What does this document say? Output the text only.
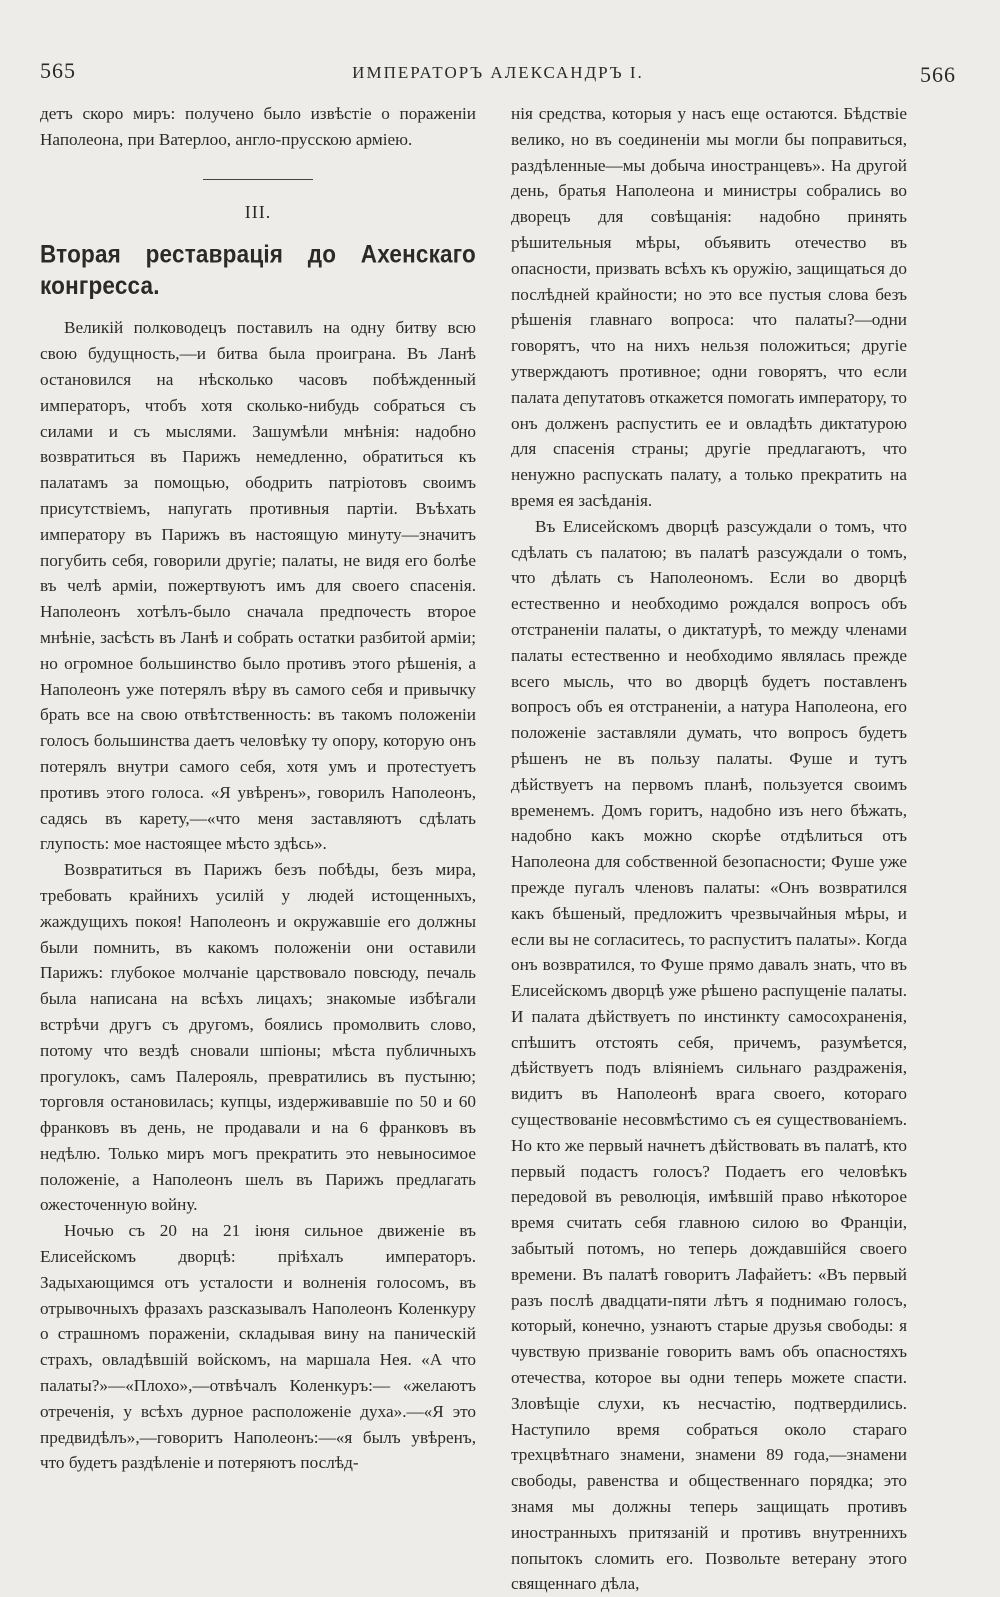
565	ИМПЕРАТОРЪ АЛЕКСАНДРЪ I.	566

детъ скоро миръ: получено было извѣстіе о пораженіи Наполеона, при Ватерлоо, англо-прусскою арміею.

III.
Вторая реставрація до Ахенскаго конгресса.

Великій полководецъ поставилъ на одну битву всю свою будущность,—и битва была проиграна. Въ Ланѣ остановился на нѣсколько часовъ побѣжденный императоръ, чтобъ хотя сколько-нибудь собраться съ силами и съ мыслями. Зашумѣли мнѣнія: надобно возвратиться въ Парижъ немедленно, обратиться къ палатамъ за помощью, ободрить патріотовъ своимъ присутствіемъ, напугать противныя партіи. Въѣхать императору въ Парижъ въ настоящую минуту—значитъ погубить себя, говорили другіе; палаты, не видя его болѣе въ челѣ арміи, пожертвуютъ имъ для своего спасенія. Наполеонъ хотѣлъ-было сначала предпочесть второе мнѣніе, засѣсть въ Ланѣ и собрать остатки разбитой арміи; но огромное большинство было противъ этого рѣшенія, а Наполеонъ уже потерялъ вѣру въ самого себя и привычку брать все на свою отвѣтственность: въ такомъ положеніи голосъ большинства даетъ человѣку ту опору, которую онъ потерялъ внутри самого себя, хотя умъ и протестуетъ противъ этого голоса. «Я увѣренъ», говорилъ Наполеонъ, садясь въ карету,—«что меня заставляютъ сдѣлать глупость: мое настоящее мѣсто здѣсь».

Возвратиться въ Парижъ безъ побѣды, безъ мира, требовать крайнихъ усилій у людей истощенныхъ, жаждущихъ покоя! Наполеонъ и окружавшіе его должны были помнить, въ какомъ положеніи они оставили Парижъ: глубокое молчаніе царствовало повсюду, печаль была написана на всѣхъ лицахъ; знакомые избѣгали встрѣчи другъ съ другомъ, боялись промолвить слово, потому что вездѣ сновали шпіоны; мѣста публичныхъ прогулокъ, самъ Палерояль, превратились въ пустыню; торговля остановилась; купцы, издерживавшіе по 50 и 60 франковъ въ день, не продавали и на 6 франковъ въ недѣлю. Только миръ могъ прекратить это невыносимое положеніе, а Наполеонъ шелъ въ Парижъ предлагать ожесточенную войну.

Ночью съ 20 на 21 іюня сильное движеніе въ Елисейскомъ дворцѣ: пріѣхалъ императоръ. Задыхающимся отъ усталости и волненія голосомъ, въ отрывочныхъ фразахъ разсказывалъ Наполеонъ Коленкуру о страшномъ пораженіи, складывая вину на паническій страхъ, овладѣвшій войскомъ, на маршала Нея. «А что палаты?»—«Плохо»,—отвѣчалъ Коленкуръ:— «желаютъ отреченія, у всѣхъ дурное расположеніе духа».—«Я это предвидѣлъ»,—говоритъ Наполеонъ:—«я былъ увѣренъ, что будетъ раздѣленіе и потеряютъ послѣд-

нія средства, которыя у насъ еще остаются. Бѣдствіе велико, но въ соединеніи мы могли бы поправиться, раздѣленные—мы добыча иностранцевъ». На другой день, братья Наполеона и министры собрались во дворецъ для совѣщанія: надобно принять рѣшительныя мѣры, объявить отечество въ опасности, призвать всѣхъ къ оружію, защищаться до послѣдней крайности; но это все пустыя слова безъ рѣшенія главнаго вопроса: что палаты?—одни говорятъ, что на нихъ нельзя положиться; другіе утверждаютъ противное; одни говорятъ, что если палата депутатовъ откажется помогать императору, то онъ долженъ распустить ее и овладѣть диктатурою для спасенія страны; другіе предлагаютъ, что ненужно распускать палату, а только прекратить на время ея засѣданія.

Въ Елисейскомъ дворцѣ разсуждали о томъ, что сдѣлать съ палатою; въ палатѣ разсуждали о томъ, что дѣлать съ Наполеономъ. Если во дворцѣ естественно и необходимо рождался вопросъ объ отстраненіи палаты, о диктатурѣ, то между членами палаты естественно и необходимо являлась прежде всего мысль, что во дворцѣ будетъ поставленъ вопросъ объ ея отстраненіи, а натура Наполеона, его положеніе заставляли думать, что вопросъ будетъ рѣшенъ не въ пользу палаты. Фуше и тутъ дѣйствуетъ на первомъ планѣ, пользуется своимъ временемъ. Домъ горитъ, надобно изъ него бѣжать, надобно какъ можно скорѣе отдѣлиться отъ Наполеона для собственной безопасности; Фуше уже прежде пугалъ членовъ палаты: «Онъ возвратился какъ бѣшеный, предложитъ чрезвычайныя мѣры, и если вы не согласитесь, то распуститъ палаты». Когда онъ возвратился, то Фуше прямо давалъ знать, что въ Елисейскомъ дворцѣ уже рѣшено распущеніе палаты. И палата дѣйствуетъ по инстинкту самосохраненія, спѣшитъ отстоять себя, причемъ, разумѣется, дѣйствуетъ подъ вліяніемъ сильнаго раздраженія, видитъ въ Наполеонѣ врага своего, котораго существованіе несовмѣстимо съ ея существованіемъ. Но кто же первый начнетъ дѣйствовать въ палатѣ, кто первый подастъ голосъ? Подаетъ его человѣкъ передовой въ революція, имѣвшій право нѣкоторое время считать себя главною силою во Франціи, забытый потомъ, но теперь дождавшійся своего времени. Въ палатѣ говоритъ Лафайетъ: «Въ первый разъ послѣ двадцати-пяти лѣтъ я поднимаю голосъ, который, конечно, узнаютъ старые друзья свободы: я чувствую призваніе говорить вамъ объ опасностяхъ отечества, которое вы одни теперь можете спасти. Зловѣщіе слухи, къ несчастію, подтвердились. Наступило время собраться около стараго трехцвѣтнаго знамени, знамени 89 года,—знамени свободы, равенства и общественнаго порядка; это знамя мы должны теперь защищать противъ иностранныхъ притязаній и противъ внутреннихъ попытокъ сломить его. Позвольте ветерану этого священнаго дѣла,
